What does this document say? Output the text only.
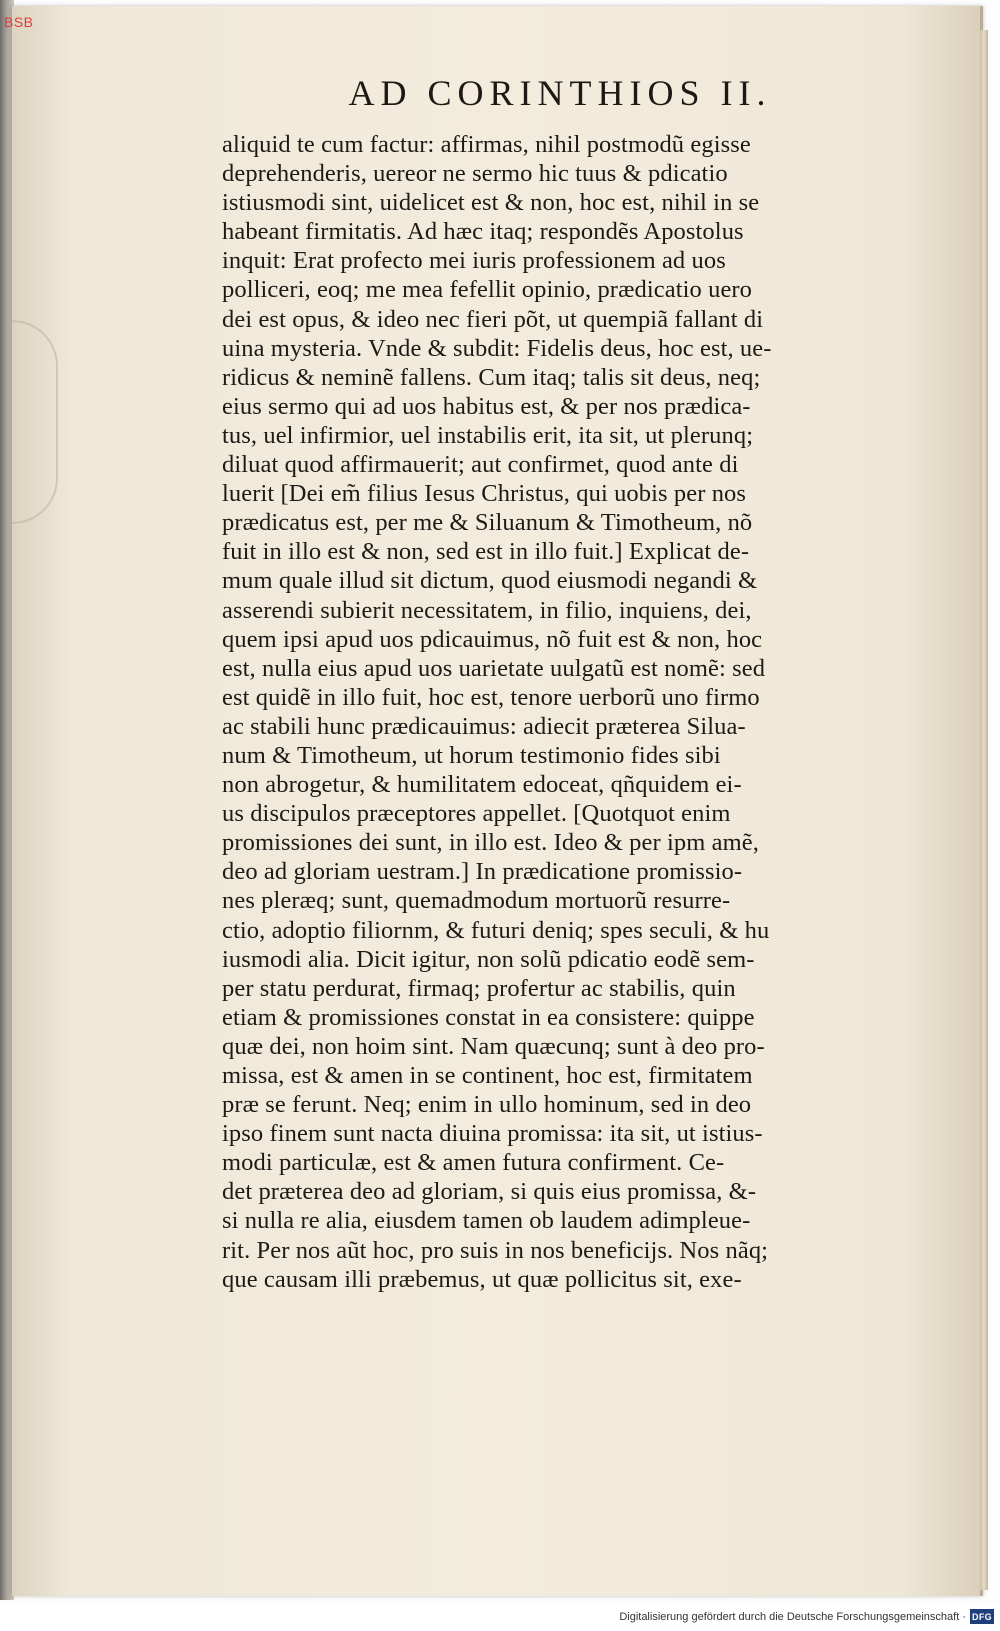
BSB
AD CORINTHIOS II.
aliquid te cum factur: affirmas, nihil postmodũ egisse
deprehenderis, uereor ne sermo hic tuus & pdicatio
istiusmodi sint, uidelicet est & non, hoc est, nihil in se
habeant firmitatis. Ad hæc itaq; respondẽs Apostolus
inquit: Erat profecto mei iuris professionem ad uos
polliceri, eoq; me mea fefellit opinio, prædicatio uero
dei est opus, & ideo nec fieri põt, ut quempiã fallant di
uina mysteria. Vnde & subdit: Fidelis deus, hoc est, ue-
ridicus & neminẽ fallens. Cum itaq; talis sit deus, neq;
eius sermo qui ad uos habitus est, & per nos prædica-
tus, uel infirmior, uel instabilis erit, ita sit, ut plerunq;
diluat quod affirmauerit; aut confirmet, quod ante di
luerit [Dei em̃ filius Iesus Christus, qui uobis per nos
prædicatus est, per me & Siluanum & Timotheum, nõ
fuit in illo est & non, sed est in illo fuit.] Explicat de-
mum quale illud sit dictum, quod eiusmodi negandi &
asserendi subierit necessitatem, in filio, inquiens, dei,
quem ipsi apud uos pdicauimus, nõ fuit est & non, hoc
est, nulla eius apud uos uarietate uulgatũ est nomẽ: sed
est quidẽ in illo fuit, hoc est, tenore uerborũ uno firmo
ac stabili hunc prædicauimus: adiecit præterea Silua-
num & Timotheum, ut horum testimonio fides sibi
non abrogetur, & humilitatem edoceat, qñquidem ei-
us discipulos præceptores appellet. [Quotquot enim
promissiones dei sunt, in illo est. Ideo & per ipm amẽ,
deo ad gloriam uestram.] In prædicatione promissio-
nes pleræq; sunt, quemadmodum mortuorũ resurre-
ctio, adoptio filiornm, & futuri deniq; spes seculi, & hu
iusmodi alia. Dicit igitur, non solũ pdicatio eodẽ sem-
per statu perdurat, firmaq; profertur ac stabilis, quin
etiam & promissiones constat in ea consistere: quippe
quæ dei, non hoim sint. Nam quæcunq; sunt à deo pro-
missa, est & amen in se continent, hoc est, firmitatem
præ se ferunt. Neq; enim in ullo hominum, sed in deo
ipso finem sunt nacta diuina promissa: ita sit, ut istius-
modi particulæ, est & amen futura confirment. Ce-
det præterea deo ad gloriam, si quis eius promissa, &-
si nulla re alia, eiusdem tamen ob laudem adimpleue-
rit. Per nos aũt hoc, pro suis in nos beneficijs. Nos nãq;
que causam illi præbemus, ut quæ pollicitus sit, exe-
Digitalisierung gefördert durch die Deutsche Forschungsgemeinschaft · DFG
